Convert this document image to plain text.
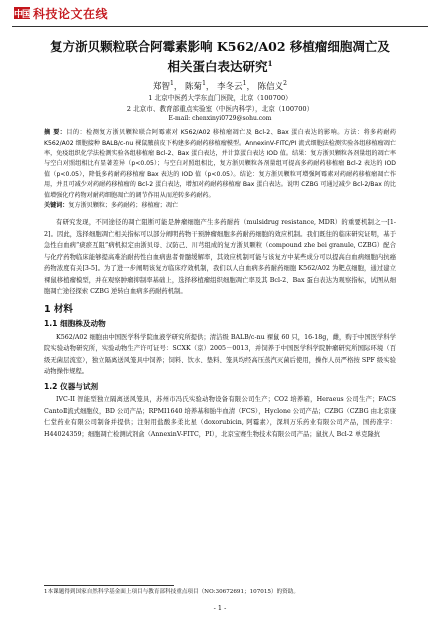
中国 科技论文在线
复方浙贝颗粒联合阿霉素影响 K562/A02 移植瘤细胞凋亡及相关蛋白表达研究$^1$
郑智$^1$， 陈菊$^1$， 李冬云$^1$， 陈信义$^2$
1 北京中医药大学东直门医院，北京（100700）
2 北京市、教育部重点实验室（中医内科学），北京（100700）
E-mail: chenxinyi0729@sohu.com
摘 要：目的：检测复方浙贝颗粒联合阿霉素对 K562/A02 移植瘤凋亡及 Bcl-2、Bax 蛋白表达的影响。方法：将多药耐药 K562/A02 细胞接种 BALB/c-nu 裸鼠腋前皮下构建多药耐药移植瘤模型。AnnexinV-FITC/PI 流式细胞法检测实验各组移植瘤凋亡率，免疫组织化学法检测实验各组移植瘤 Bcl-2、Bax 蛋白表达，并计算蛋白表达 IOD 值。结果：复方浙贝颗粒各剂量组的凋亡率与空白对照组相比有显著差异（p<0.05）；与空白对照组相比，复方浙贝颗粒各剂量组可提高多药耐药移植瘤 Bcl-2 表达的 IOD 值（p<0.05），降低多药耐药移植瘤 Bax 表达的 IOD 值（p<0.05）。结论：复方浙贝颗粒可增强阿霉素对药耐药移植瘤凋亡作用，并且可减少对药耐药移植瘤的 Bcl-2 蛋白表达，增加对药耐药移植瘤 Bax 蛋白表达。说明 CZBG 可通过减少 Bcl-2/Bax 的比值增强化疗药物对耐药细胞凋亡的调节作用从而逆转多药耐药。
关键词：复方浙贝颗粒；多药耐药；移植瘤；凋亡

有研究发现，不同途径的凋亡阻断可能是肿瘤细胞产生多药耐药（mulsidrug resistance, MDR）的重要机制之一[1-2]。因此，选择细胞凋亡相关指标可以部分阐明药物干预肿瘤细胞多药耐药细胞的效应机制。我们既往的临床研究证明，基于急性白血病“痰瘀互阻”病机拟定由浙贝母、汉防己、川芎组成的复方浙贝颗粒（compound zhe bei granule, CZBG）配合与化疗药物临床能够提高难治耐药性白血病患者骨髓缓解率，其效应机制可能与该复方中某些成分可以提高白血病细胞内抗癌药物浓度有关[3-5]。为了进一步阐明该复方临床疗效机制，我们以人白血病多药耐药细胞 K562/A02 为靶点细胞，通过建立裸鼠移植瘤模型，并在观察肿瘤抑制率基础上，选择移植瘤组织细胞凋亡率及其 Bcl-2、Bax 蛋白表达为观察指标，试图从细胞凋亡途径探索 CZBG 逆转白血病多药耐药机制。

1 材料
1.1 细胞株及动物

K562/A02 细胞由中国医学科学院血液学研究所提供；清洁级 BALB/c-nu 裸鼠 60 只，16-18g，雌，购于中国医学科学院实验动物研究所，实验动物生产许可证号：SCXK（京）2005－0013，并饲养于中国医学科学院肿瘤研究所国际环境（百级无菌层流室），独立隔离送风笼具中饲养；饲料、饮水、垫料、笼具均经高压蒸汽灭菌后使用，操作人员严格按 SPF 级实验动物操作规程。

1.2 仪器与试剂

IVC-II 智能型独立隔离送风笼具，苏州市冯氏实验动物设备有限公司生产；CO2 培养箱，Heraeus 公司生产；FACS CantoⅡ流式细胞仪，BD 公司产品；RPMI1640 培养基和胎牛血清（FCS），Hyclone 公司产品；CZBG（CZBG 由北京康仁堂药业有限公司制备并提供；注射用盐酸多柔比星（doxorubicin, 阿霉素），深圳万乐药业有限公司产品，国药准字：H44024359；细胞凋亡检测试剂盒（AnnexinV-FITC，PI），北京宝赛生物技术有限公司产品；鼠抗人 Bcl-2 单克隆抗

1本课题得到国家自然科学基金面上项目与教育部科技重点项目（NO:30672691；107015）的资助。
- 1 -
